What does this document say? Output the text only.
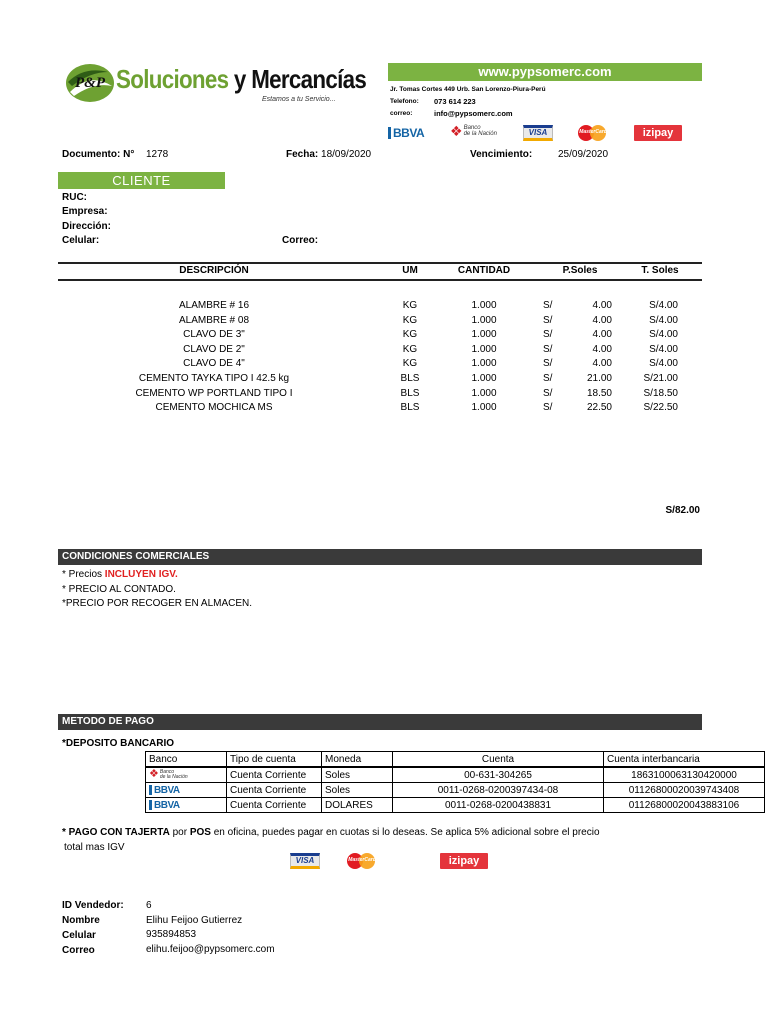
P&P Soluciones y Mercancías
Estamos a tu Servicio...
www.pypsomerc.com
Jr. Tomas Cortes 449 Urb. San Lorenzo-Piura-Perú
Telefono: 073 614 223
correo:	info@pypsomerc.com
BBVA ❖Banco
de la Nación	VISA	MasterCard	izipay
Documento: N° 1278	Fecha: 18/09/2020	Vencimiento:	25/09/2020
CLIENTE
RUC:
Empresa:
Dirección:
Celular:	Correo:
DESCRIPCIÓN	UM	CANTIDAD	P.Soles	T. Soles
ALAMBRE # 16	KG	1.000	S/	4.00	S/4.00
ALAMBRE # 08	KG	1.000	S/	4.00	S/4.00
CLAVO DE 3"	KG	1.000	S/	4.00	S/4.00
CLAVO DE 2"	KG	1.000	S/	4.00	S/4.00
CLAVO DE 4"	KG	1.000	S/	4.00	S/4.00
CEMENTO TAYKA TIPO I 42.5 kg	BLS	1.000	S/	21.00	S/21.00
CEMENTO WP PORTLAND TIPO I	BLS	1.000	S/	18.50	S/18.50
CEMENTO MOCHICA MS	BLS	1.000	S/	22.50	S/22.50
S/82.00
CONDICIONES COMERCIALES
* Precios INCLUYEN IGV.
* PRECIO AL CONTADO.
*PRECIO POR RECOGER EN ALMACEN.
METODO DE PAGO
*DEPOSITO BANCARIO
Banco	Tipo de cuenta	Moneda	Cuenta	Cuenta interbancaria
❖Banco
de la Nación	Cuenta Corriente	Soles	00-631-304265	1863100063130420000
BBVA	Cuenta Corriente	Soles	0011-0268-0200397434-08	01126800020039743408
BBVA	Cuenta Corriente	DOLARES	0011-0268-0200438831	01126800020043883106
* PAGO CON TAJERTA por POS en oficina, puedes pagar en cuotas si lo deseas. Se aplica 5% adicional sobre el precio
total mas IGV
VISA	MasterCard	izipay
ID Vendedor: 6
Nombre	Elihu Feijoo Gutierrez
Celular	935894853
Correo	elihu.feijoo@pypsomerc.com
